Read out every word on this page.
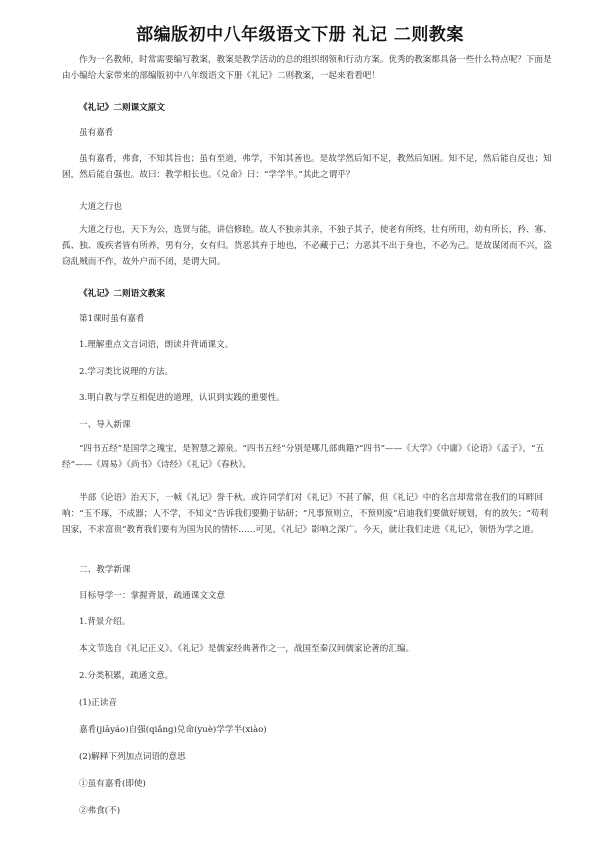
部编版初中八年级语文下册 礼记 二则教案

作为一名教师，时常需要编写教案，教案是教学活动的总的组织纲领和行动方案。优秀的教案都具备一些什么特点呢？下面是由小编给大家带来的部编版初中八年级语文下册《礼记》二则教案，一起来看看吧！

《礼记》二则课文原文

虽有嘉肴

虽有嘉肴，弗食，不知其旨也；虽有至道，弗学，不知其善也。是故学然后知不足，教然后知困。知不足，然后能自反也；知困，然后能自强也。故曰：教学相长也。《兑命》曰：“学学半。”其此之谓乎？

大道之行也

大道之行也，天下为公，选贤与能，讲信修睦。故人不独亲其亲，不独子其子，使老有所终，壮有所用，幼有所长，矜、寡、孤、独、废疾者皆有所养，男有分，女有归。货恶其弃于地也，不必藏于己；力恶其不出于身也，不必为己。是故谋闭而不兴，盗窃乱贼而不作，故外户而不闭，是谓大同。

《礼记》二则语文教案

第1课时虽有嘉肴

1.理解重点文言词语，朗读并背诵课文。

2.学习类比说理的方法。

3.明白教与学互相促进的道理，认识到实践的重要性。

一、导入新课

“四书五经”是国学之瑰宝，是智慧之源泉。“四书五经”分别是哪几部典籍?“四书”——《大学》《中庸》《论语》《孟子》，“五经”——《周易》《尚书》《诗经》《礼记》《春秋》。

半部《论语》治天下，一帧《礼记》誉千秋。或许同学们对《礼记》不甚了解，但《礼记》中的名言却常常在我们的耳畔回响：“玉不琢，不成器；人不学，不知义”告诉我们要勤于钻研；“凡事预则立，不预则废”启迪我们要做好规划，有的放矢；“苟利国家，不求富贵”教育我们要有为国为民的情怀……可见，《礼记》影响之深广。今天，就让我们走进《礼记》，领悟为学之道。

二、教学新课

目标导学一：掌握背景，疏通课文文意

1.背景介绍。

本文节选自《礼记正义》。《礼记》是儒家经典著作之一，战国至秦汉间儒家论著的汇编。

2.分类积累，疏通文意。

(1)正读音

嘉肴(jiāyáo)自强(qiǎng)兑命(yuè)学学半(xiào)

(2)解释下列加点词语的意思

①虽有嘉肴(即使)

②弗食(不)
